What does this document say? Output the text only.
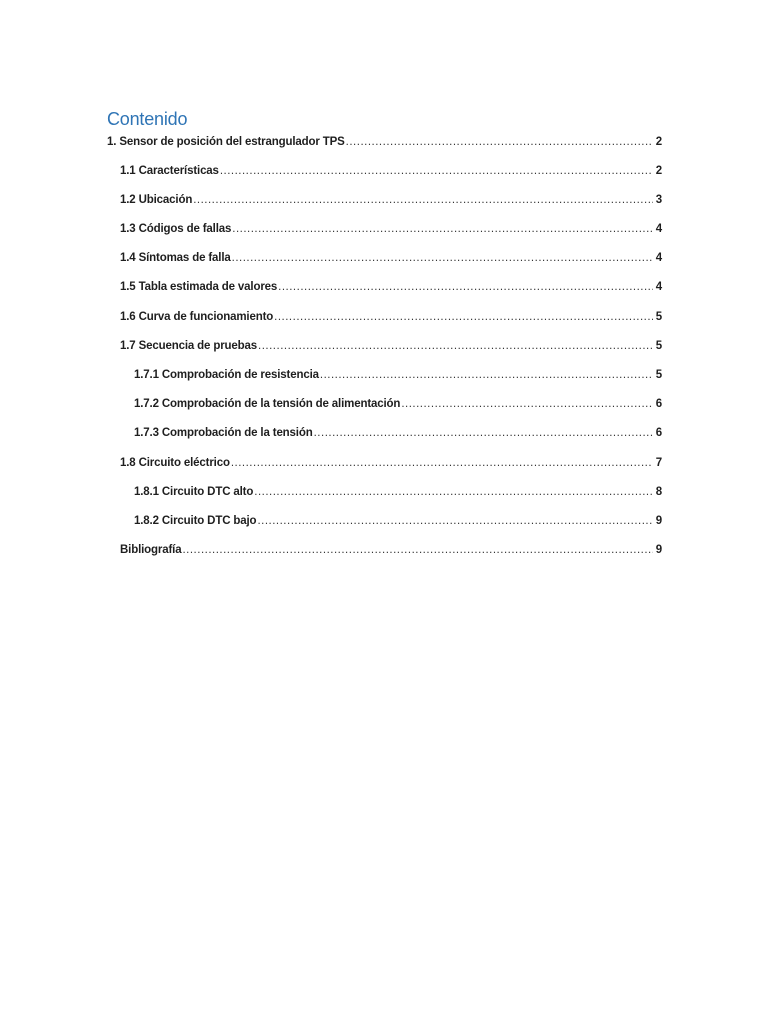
Contenido
1. Sensor de posición del estrangulador TPS .....	2
1.1 Características .....	2
1.2 Ubicación .....	3
1.3 Códigos de fallas .....	4
1.4 Síntomas de falla .....	4
1.5 Tabla estimada de valores .....	4
1.6 Curva de funcionamiento .....	5
1.7 Secuencia de pruebas .....	5
1.7.1 Comprobación de resistencia .....	5
1.7.2 Comprobación de la tensión de alimentación .....	6
1.7.3 Comprobación de la tensión .....	6
1.8 Circuito eléctrico .....	7
1.8.1 Circuito DTC alto .....	8
1.8.2 Circuito DTC bajo .....	9
Bibliografía .....	9
